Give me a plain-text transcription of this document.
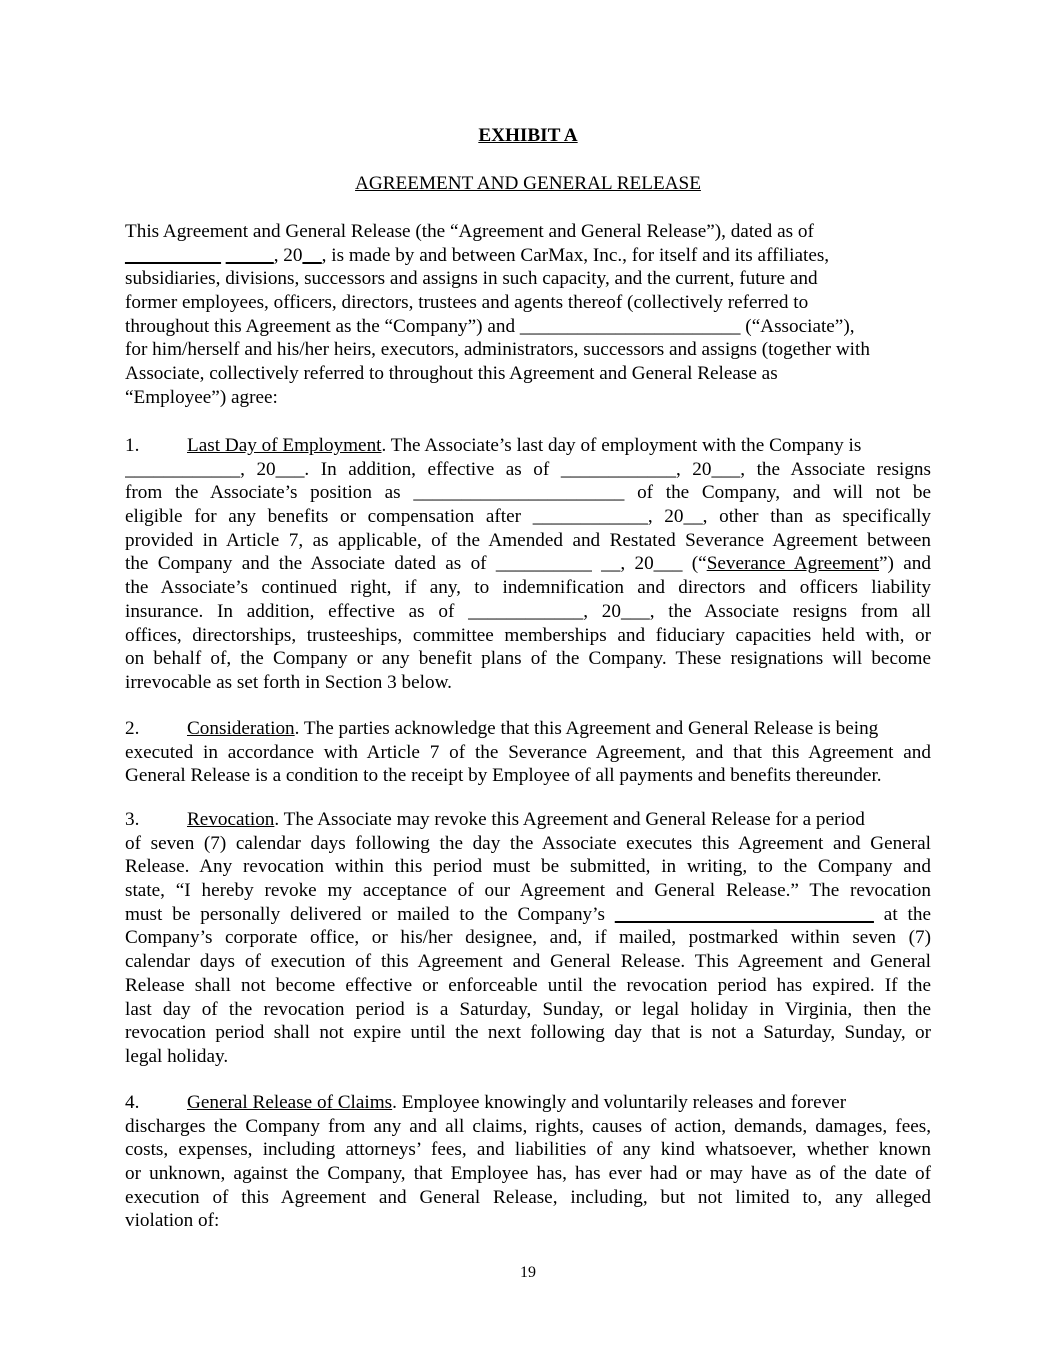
EXHIBIT A
AGREEMENT AND GENERAL RELEASE
This Agreement and General Release (the “Agreement and General Release”), dated as of
__________ _____, 20__, is made by and between CarMax, Inc., for itself and its affiliates,
subsidiaries, divisions, successors and assigns in such capacity, and the current, future and
former employees, officers, directors, trustees and agents thereof (collectively referred to
throughout this Agreement as the “Company”) and _______________________ (“Associate”),
for him/herself and his/her heirs, executors, administrators, successors and assigns (together with
Associate, collectively referred to throughout this Agreement and General Release as
“Employee”) agree:
1. Last Day of Employment. The Associate’s last day of employment with the Company is
____________, 20___. In addition, effective as of ____________, 20___, the Associate resigns
from the Associate’s position as ______________________ of the Company, and will not be
eligible for any benefits or compensation after ____________, 20__, other than as specifically
provided in Article 7, as applicable, of the Amended and Restated Severance Agreement between
the Company and the Associate dated as of __________ __, 20___ (“Severance Agreement”) and
the Associate’s continued right, if any, to indemnification and directors and officers liability
insurance. In addition, effective as of ____________, 20___, the Associate resigns from all
offices, directorships, trusteeships, committee memberships and fiduciary capacities held with, or
on behalf of, the Company or any benefit plans of the Company. These resignations will become
irrevocable as set forth in Section 3 below.
2. Consideration. The parties acknowledge that this Agreement and General Release is being
executed in accordance with Article 7 of the Severance Agreement, and that this Agreement and
General Release is a condition to the receipt by Employee of all payments and benefits thereunder.
3. Revocation. The Associate may revoke this Agreement and General Release for a period
of seven (7) calendar days following the day the Associate executes this Agreement and General
Release. Any revocation within this period must be submitted, in writing, to the Company and
state, “I hereby revoke my acceptance of our Agreement and General Release.” The revocation
must be personally delivered or mailed to the Company’s ___________________________ at the
Company’s corporate office, or his/her designee, and, if mailed, postmarked within seven (7)
calendar days of execution of this Agreement and General Release. This Agreement and General
Release shall not become effective or enforceable until the revocation period has expired. If the
last day of the revocation period is a Saturday, Sunday, or legal holiday in Virginia, then the
revocation period shall not expire until the next following day that is not a Saturday, Sunday, or
legal holiday.
4. General Release of Claims. Employee knowingly and voluntarily releases and forever
discharges the Company from any and all claims, rights, causes of action, demands, damages, fees,
costs, expenses, including attorneys’ fees, and liabilities of any kind whatsoever, whether known
or unknown, against the Company, that Employee has, has ever had or may have as of the date of
execution of this Agreement and General Release, including, but not limited to, any alleged
violation of:
19
